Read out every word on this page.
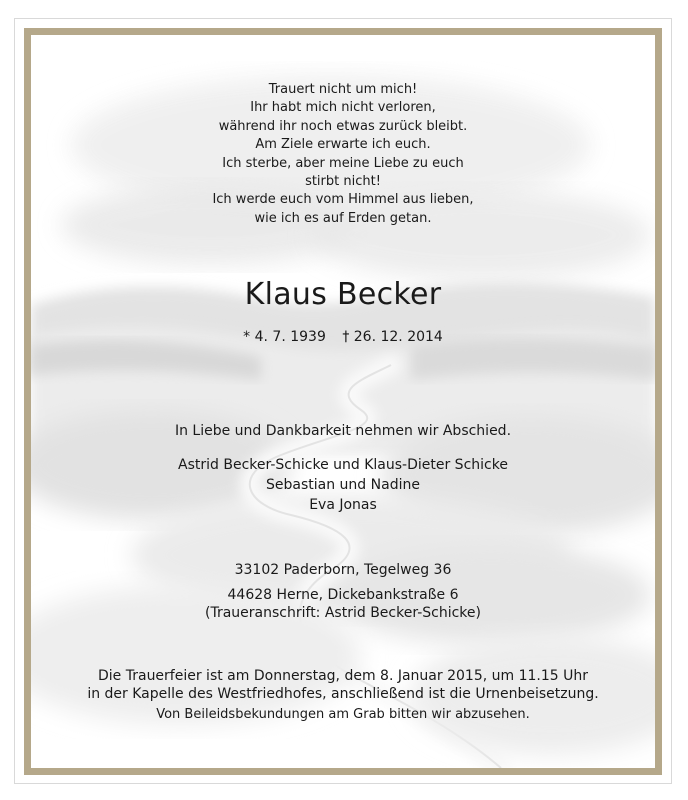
Trauert nicht um mich!
Ihr habt mich nicht verloren,
während ihr noch etwas zurück bleibt.
Am Ziele erwarte ich euch.
Ich sterbe, aber meine Liebe zu euch
stirbt nicht!
Ich werde euch vom Himmel aus lieben,
wie ich es auf Erden getan.
Klaus Becker
* 4. 7. 1939 † 26. 12. 2014
In Liebe und Dankbarkeit nehmen wir Abschied.
Astrid Becker-Schicke und Klaus-Dieter Schicke
Sebastian und Nadine
Eva Jonas
33102 Paderborn, Tegelweg 36
44628 Herne, Dickebankstraße 6
(Traueranschrift: Astrid Becker-Schicke)
Die Trauerfeier ist am Donnerstag, dem 8. Januar 2015, um 11.15 Uhr
in der Kapelle des Westfriedhofes, anschließend ist die Urnenbeisetzung.
Von Beileidsbekundungen am Grab bitten wir abzusehen.
